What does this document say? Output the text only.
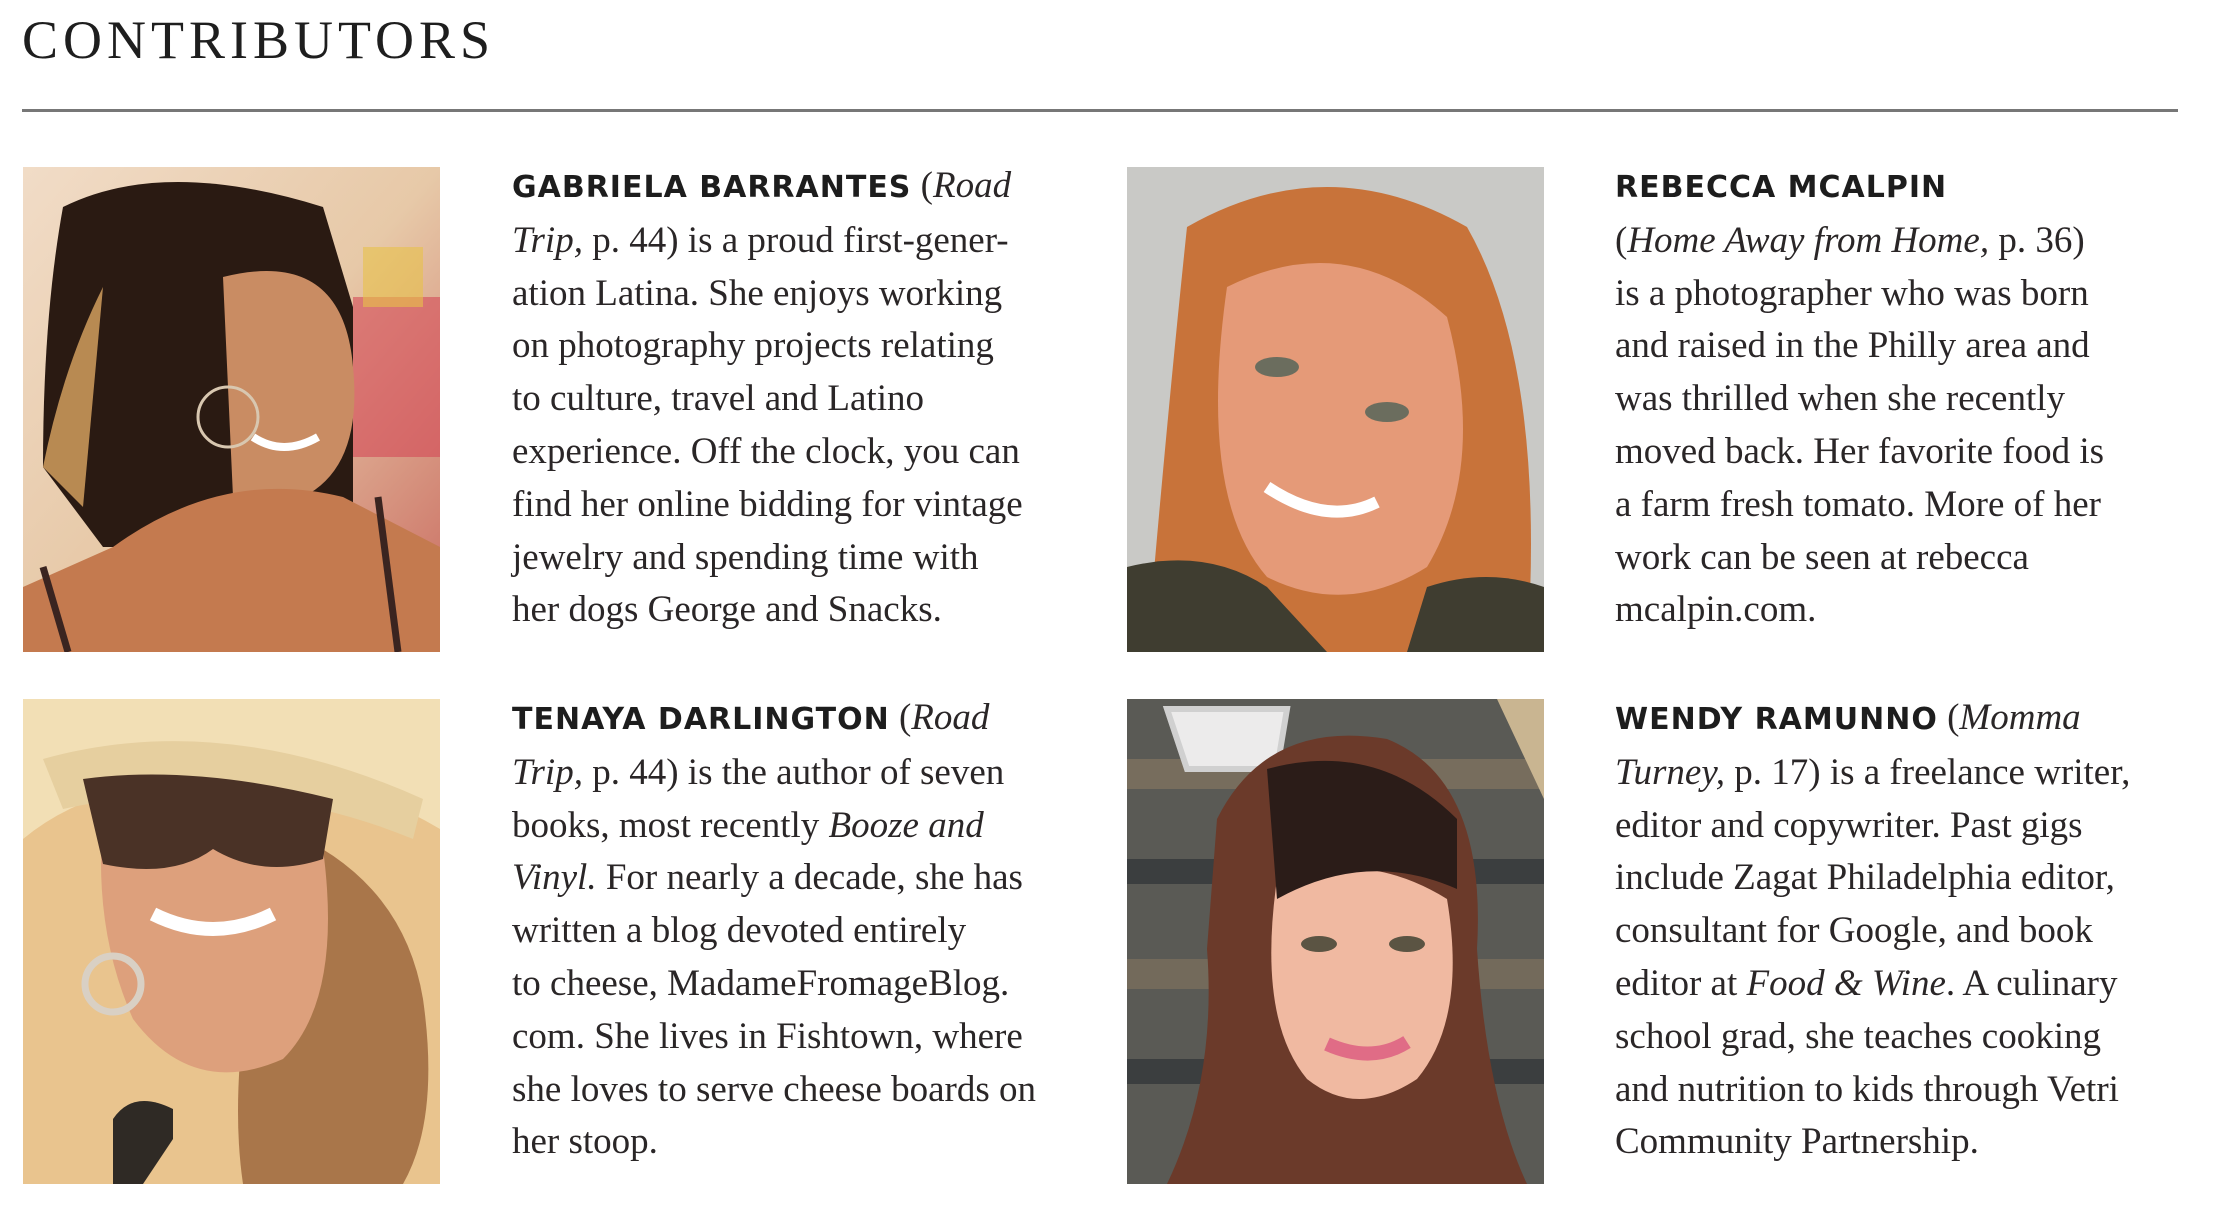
CONTRIBUTORS
GABRIELA BARRANTES (Road
Trip, p. 44) is a proud first-gener-
ation Latina. She enjoys working
on photography projects relating
to culture, travel and Latino
experience. Off the clock, you can
find her online bidding for vintage
jewelry and spending time with
her dogs George and Snacks.
REBECCA MCALPIN
(Home Away from Home, p. 36)
is a photographer who was born
and raised in the Philly area and
was thrilled when she recently
moved back. Her favorite food is
a farm fresh tomato. More of her
work can be seen at rebecca
mcalpin.com.
TENAYA DARLINGTON (Road
Trip, p. 44) is the author of seven
books, most recently Booze and
Vinyl. For nearly a decade, she has
written a blog devoted entirely
to cheese, MadameFromageBlog.
com. She lives in Fishtown, where
she loves to serve cheese boards on
her stoop.
WENDY RAMUNNO (Momma
Turney, p. 17) is a freelance writer,
editor and copywriter. Past gigs
include Zagat Philadelphia editor,
consultant for Google, and book
editor at Food & Wine. A culinary
school grad, she teaches cooking
and nutrition to kids through Vetri
Community Partnership.
